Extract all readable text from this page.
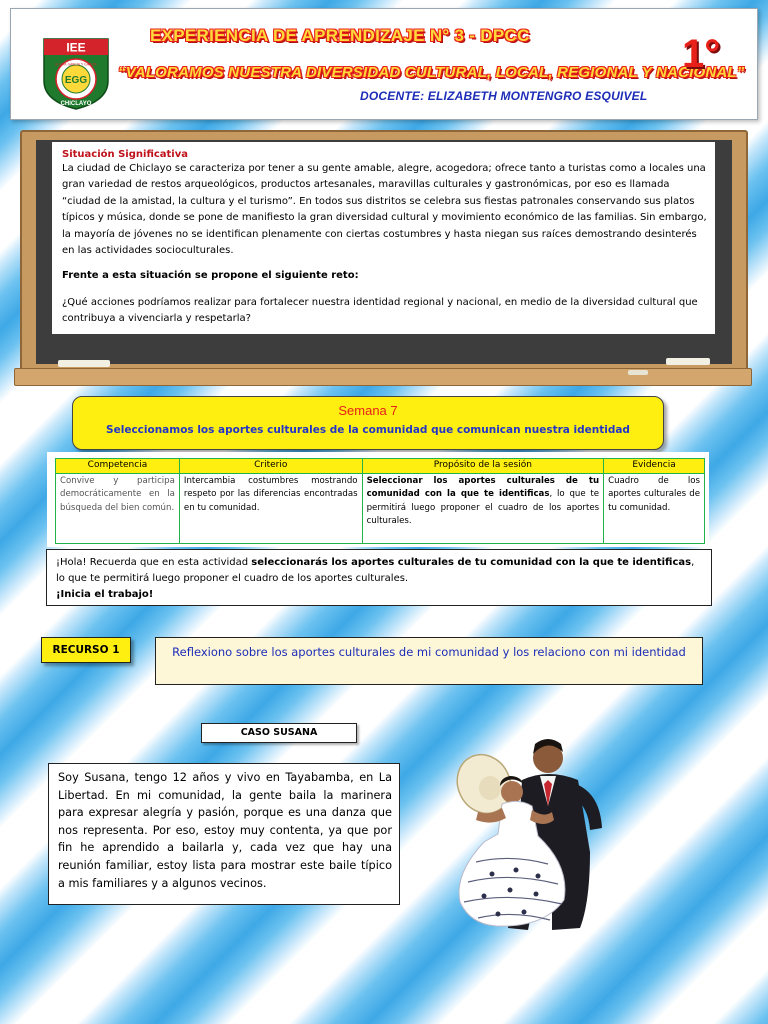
IEE
EGG
ELVIRA GARCÍA Y GARCÍA
CHICLAYO
EXPERIENCIA DE APRENDIZAJE N° 3 - DPCC
“VALORAMOS NUESTRA DIVERSIDAD CULTURAL, LOCAL, REGIONAL Y NACIONAL”
1°
DOCENTE: ELIZABETH MONTENGRO ESQUIVEL
Situación Significativa
La ciudad de Chiclayo se caracteriza por tener a su gente amable, alegre, acogedora; ofrece tanto a turistas como a locales una gran variedad de restos arqueológicos, productos artesanales, maravillas culturales y gastronómicas, por eso es llamada “ciudad de la amistad, la cultura y el turismo”. En todos sus distritos se celebra sus fiestas patronales conservando sus platos típicos y música, donde se pone de manifiesto la gran diversidad cultural y movimiento económico de las familias. Sin embargo, la mayoría de jóvenes no se identifican plenamente con ciertas costumbres y hasta niegan sus raíces demostrando desinterés en las actividades socioculturales.
Frente a esta situación se propone el siguiente reto:
¿Qué acciones podríamos realizar para fortalecer nuestra identidad regional y nacional, en medio de la diversidad cultural que contribuya a vivenciarla y respetarla?
Semana 7
Seleccionamos los aportes culturales de la comunidad que comunican nuestra identidad
Competencia	Criterio	Propósito de la sesión	Evidencia
Convive y participa democráticamente en la búsqueda del bien común.	Intercambia costumbres mostrando respeto por las diferencias encontradas en tu comunidad.	Seleccionar los aportes culturales de tu comunidad con la que te identificas, lo que te permitirá luego proponer el cuadro de los aportes culturales.	Cuadro de los aportes culturales de tu comunidad.
¡Hola! Recuerda que en esta actividad seleccionarás los aportes culturales de tu comunidad con la que te identificas, lo que te permitirá luego proponer el cuadro de los aportes culturales.
¡Inicia el trabajo!
RECURSO 1	Reflexiono sobre los aportes culturales de mi comunidad y los relaciono con mi identidad
CASO SUSANA
Soy Susana, tengo 12 años y vivo en Tayabamba, en La Libertad. En mi comunidad, la gente baila la marinera para expresar alegría y pasión, porque es una danza que nos representa. Por eso, estoy muy contenta, ya que por fin he aprendido a bailarla y, cada vez que hay una reunión familiar, estoy lista para mostrar este baile típico a mis familiares y a algunos vecinos.
